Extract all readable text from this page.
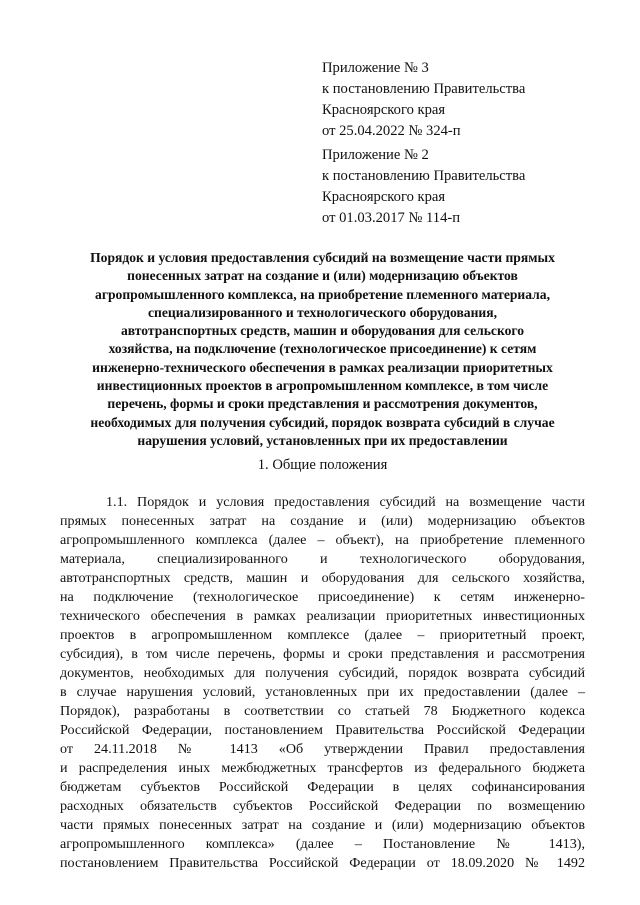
Приложение № 3
к постановлению Правительства
Красноярского края
от 25.04.2022 № 324-п
Приложение № 2
к постановлению Правительства
Красноярского края
от 01.03.2017 № 114-п
Порядок и условия предоставления субсидий на возмещение части прямых
понесенных затрат на создание и (или) модернизацию объектов
агропромышленного комплекса, на приобретение племенного материала,
специализированного и технологического оборудования,
автотранспортных средств, машин и оборудования для сельского
хозяйства, на подключение (технологическое присоединение) к сетям
инженерно-технического обеспечения в рамках реализации приоритетных
инвестиционных проектов в агропромышленном комплексе, в том числе
перечень, формы и сроки представления и рассмотрения документов,
необходимых для получения субсидий, порядок возврата субсидий в случае
нарушения условий, установленных при их предоставлении
1. Общие положения
1.1. Порядок и условия предоставления субсидий на возмещение части
прямых понесенных затрат на создание и (или) модернизацию объектов
агропромышленного комплекса (далее – объект), на приобретение племенного
материала, специализированного и технологического оборудования,
автотранспортных средств, машин и оборудования для сельского хозяйства,
на подключение (технологическое присоединение) к сетям инженерно-
технического обеспечения в рамках реализации приоритетных инвестиционных
проектов в агропромышленном комплексе (далее – приоритетный проект,
субсидия), в том числе перечень, формы и сроки представления и рассмотрения
документов, необходимых для получения субсидий, порядок возврата субсидий
в случае нарушения условий, установленных при их предоставлении (далее –
Порядок), разработаны в соответствии со статьей 78 Бюджетного кодекса
Российской Федерации, постановлением Правительства Российской Федерации
от 24.11.2018 № 1413 «Об утверждении Правил предоставления
и распределения иных межбюджетных трансфертов из федерального бюджета
бюджетам субъектов Российской Федерации в целях софинансирования
расходных обязательств субъектов Российской Федерации по возмещению
части прямых понесенных затрат на создание и (или) модернизацию объектов
агропромышленного комплекса» (далее – Постановление № 1413),
постановлением Правительства Российской Федерации от 18.09.2020 № 1492
